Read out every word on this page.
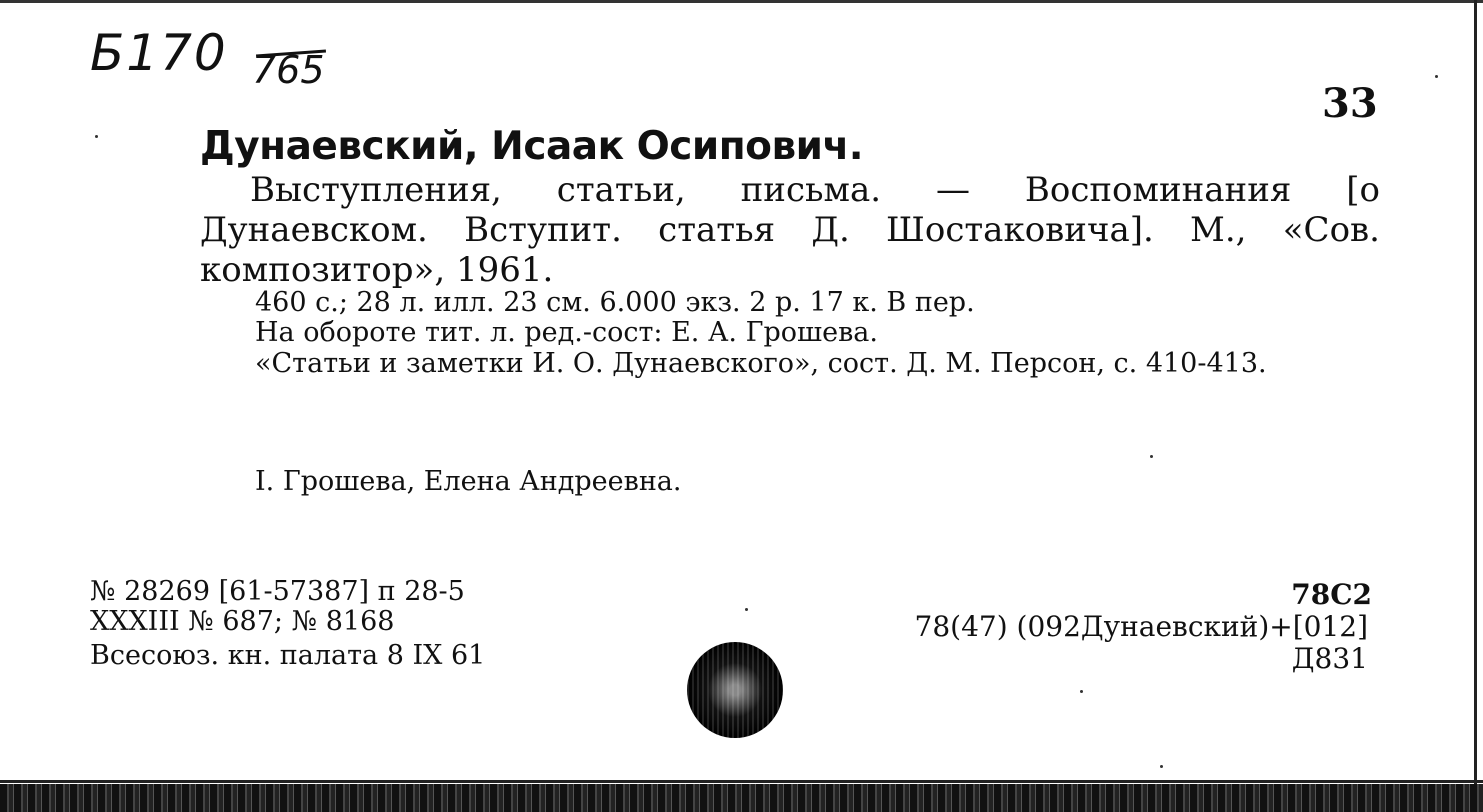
Б170 765
33
Дунаевский, Исаак Осипович.

Выступления, статьи, письма. — Воспоминания [о Дунаевском. Вступит. статья Д. Шостаковича]. М., «Сов. композитор», 1961.

460 с.; 28 л. илл. 23 см. 6.000 экз. 2 р. 17 к. В пер.
На обороте тит. л. ред.-сост: Е. А. Грошева.

«Статьи и заметки И. О. Дунаевского», сост. Д. М. Персон, с. 410-413.

I. Грошева, Елена Андреевна.
№ 28269 [61-57387] п 28-5
XXXIII № 687; № 8168
Всесоюз. кн. палата 8 IX 61
78С2
78(47) (092Дунаевский)+[012]
Д831
